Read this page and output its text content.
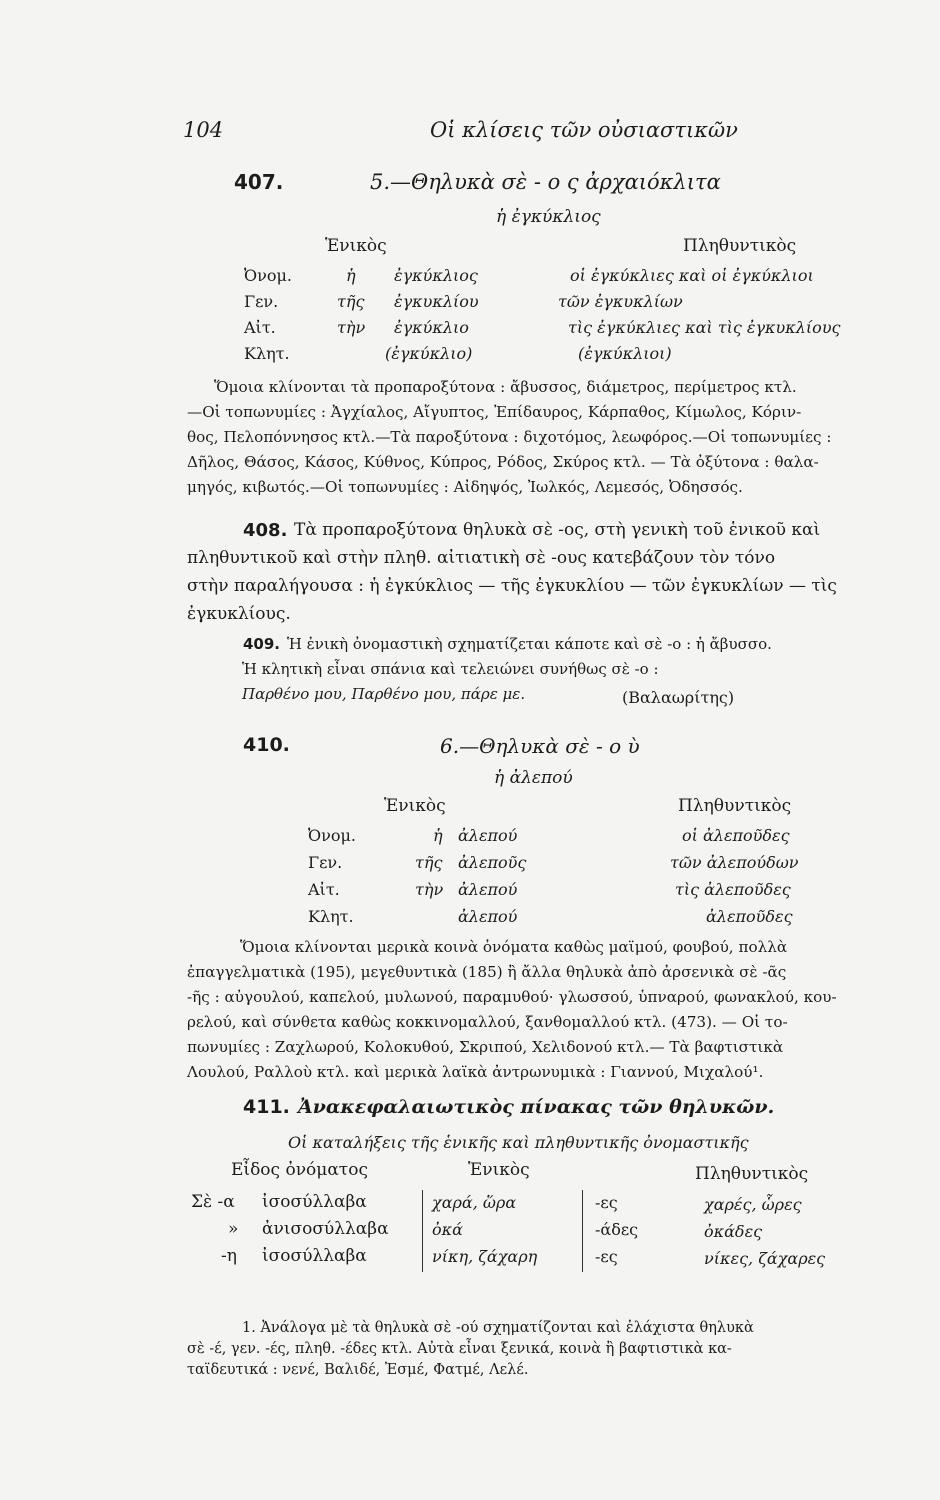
104	Οἱ κλίσεις τῶν οὐσιαστικῶν
407.	5.—Θηλυκὰ σὲ - ο ς ἀρχαιόκλιτα
ἡ ἐγκύκλιος
Ἑνικὸς	Πληθυντικὸς
Ὀνομ.	ἡ ἐγκύκλιος	οἱ ἐγκύκλιες καὶ οἱ ἐγκύκλιοι
Γεν.	τῆς ἐγκυκλίου	τῶν ἐγκυκλίων
Αἰτ.	τὴν ἐγκύκλιο	τὶς ἐγκύκλιες καὶ τὶς ἐγκυκλίους
Κλητ.	(ἐγκύκλιο)	(ἐγκύκλιοι)
Ὅμοια κλίνονται τὰ προπαροξύτονα : ἄβυσσος, διάμετρος, περίμετρος κτλ.
—Οἱ τοπωνυμίες : Ἀγχίαλος, Αἴγυπτος, Ἐπίδαυρος, Κάρπαθος, Κίμωλος, Κόριν-
θος, Πελοπόννησος κτλ.—Τὰ παροξύτονα : διχοτόμος, λεωφόρος.—Οἱ τοπωνυμίες :
Δῆλος, Θάσος, Κάσος, Κύθνος, Κύπρος, Ρόδος, Σκύρος κτλ. — Τὰ ὀξύτονα : θαλα-
μηγός, κιβωτός.—Οἱ τοπωνυμίες : Αἰδηψός, Ἰωλκός, Λεμεσός, Ὀδησσός.
408. Τὰ προπαροξύτονα θηλυκὰ σὲ -ος, στὴ γενικὴ τοῦ ἑνικοῦ καὶ
πληθυντικοῦ καὶ στὴν πληθ. αἰτιατικὴ σὲ -ους κατεβάζουν τὸν τόνο
στὴν παραλήγουσα : ἡ ἐγκύκλιος — τῆς ἐγκυκλίου — τῶν ἐγκυκλίων — τὶς
ἐγκυκλίους.
409. Ἡ ἐνικὴ ὀνομαστικὴ σχηματίζεται κάποτε καὶ σὲ -ο : ἡ ἄβυσσο.
Ἡ κλητικὴ εἶναι σπάνια καὶ τελειώνει συνήθως σὲ -ο :
Παρθένο μου, Παρθένο μου, πάρε με.	(Βαλαωρίτης)
410.	6.—Θηλυκὰ σὲ - ο ὺ
ἡ ἀλεπού
Ἑνικὸς	Πληθυντικὸς
Ὀνομ.	ἡ ἀλεπού	οἱ ἀλεποῦδες
Γεν.	τῆς ἀλεποῦς	τῶν ἀλεπούδων
Αἰτ.	τὴν ἀλεπού	τὶς ἀλεποῦδες
Κλητ.	ἀλεπού	ἀλεποῦδες
Ὅμοια κλίνονται μερικὰ κοινὰ ὀνόματα καθὼς μαϊμού, φουβού, πολλὰ
ἐπαγγελματικὰ (195), μεγεθυντικὰ (185) ἢ ἄλλα θηλυκὰ ἀπὸ ἀρσενικὰ σὲ -ᾶς
-ῆς : αὐγουλού, καπελού, μυλωνού, παραμυθού· γλωσσού, ὑπναρού, φωνακλού, κου-
ρελού, καὶ σύνθετα καθὼς κοκκινομαλλού, ξανθομαλλού κτλ. (473). — Οἱ το-
πωνυμίες : Ζαχλωρού, Κολοκυθού, Σκριπού, Χελιδονού κτλ.— Τὰ βαφτιστικὰ
Λουλού, Ραλλοὺ κτλ. καὶ μερικὰ λαϊκὰ ἀντρωνυμικὰ : Γιαννού, Μιχαλού¹.
411. Ἀνακεφαλαιωτικὸς πίνακας τῶν θηλυκῶν.
Οἱ καταλήξεις τῆς ἑνικῆς καὶ πληθυντικῆς ὀνομαστικῆς
Εἶδος ὀνόματος	Ἑνικὸς	Πληθυντικὸς
Σὲ -α ἰσοσύλλαβα	χαρά, ὥρα	-ες	χαρές, ὧρες
» ἀνισοσύλλαβα	ὀκά	-άδες	ὀκάδες
-η ἰσοσύλλαβα	νίκη, ζάχαρη	-ες	νίκες, ζάχαρες
1. Ἀνάλογα μὲ τὰ θηλυκὰ σὲ -ού σχηματίζονται καὶ ἐλάχιστα θηλυκὰ
σὲ -έ, γεν. -ές, πληθ. -έδες κτλ. Αὐτὰ εἶναι ξενικά, κοινὰ ἢ βαφτιστικὰ κα-
ταϊδευτικά : νενέ, Βαλιδέ, Ἐσμέ, Φατμέ, Λελέ.
